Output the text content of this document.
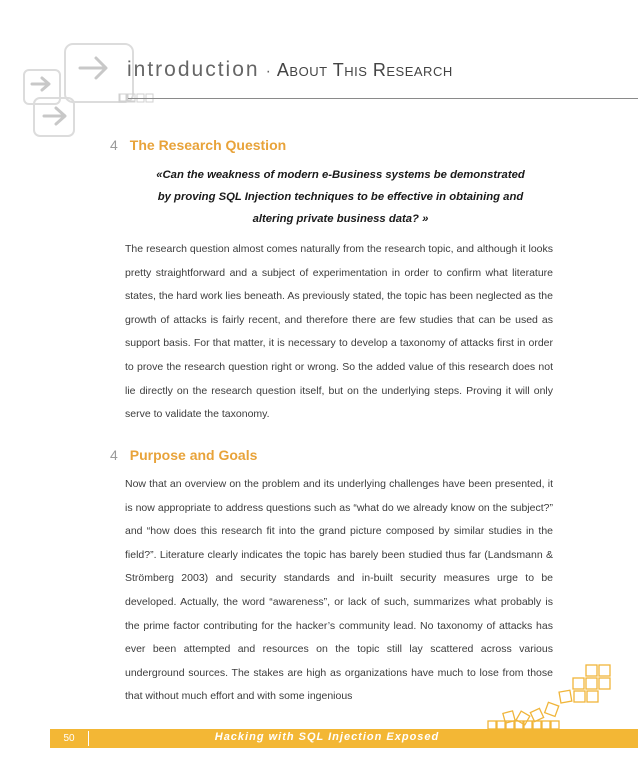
introduction · About This Research
4 The Research Question
«Can the weakness of modern e-Business systems be demonstrated
by proving SQL Injection techniques to be effective in obtaining and
altering private business data? »
The research question almost comes naturally from the research topic, and although it looks pretty straightforward and a subject of experimentation in order to confirm what literature states, the hard work lies beneath. As previously stated, the topic has been neglected as the growth of attacks is fairly recent, and therefore there are few studies that can be used as support basis. For that matter, it is necessary to develop a taxonomy of attacks first in order to prove the research question right or wrong. So the added value of this research does not lie directly on the research question itself, but on the underlying steps. Proving it will only serve to validate the taxonomy.
4 Purpose and Goals
Now that an overview on the problem and its underlying challenges have been presented, it is now appropriate to address questions such as “what do we already know on the subject?” and “how does this research fit into the grand picture composed by similar studies in the field?”. Literature clearly indicates the topic has barely been studied thus far (Landsmann & Strömberg 2003) and security standards and in-built security measures urge to be developed. Actually, the word “awareness”, or lack of such, summarizes what probably is the prime factor contributing for the hacker’s community lead. No taxonomy of attacks has ever been attempted and resources on the topic still lay scattered across various underground sources. The stakes are high as organizations have much to lose from those that without much effort and with some ingenious
50	Hacking with SQL Injection Exposed
